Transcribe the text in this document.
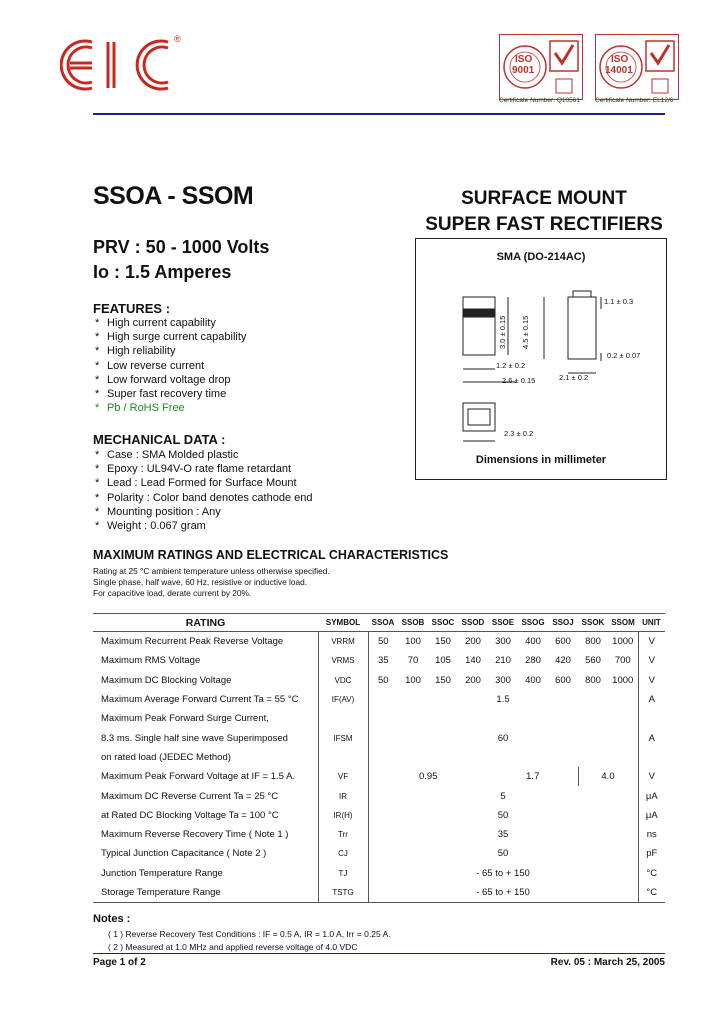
®
ISO
9001
Certificate Number: Q10561
ISO
14001
Certificate Number: EL12/6
SSOA - SSOM	SURFACE MOUNT
SUPER FAST RECTIFIERS
PRV : 50 - 1000 Volts
Io : 1.5 Amperes
SMA (DO-214AC)
1.1 ± 0.3
4.5 ± 0.15
3.0 ± 0.15
1.2 ± 0.2
2.6 ± 0.15	2.1 ± 0.2
0.2 ± 0.07
2.3 ± 0.2
Dimensions in millimeter
FEATURES :
* High current capability
* High surge current capability
* High reliability
* Low reverse current
* Low forward voltage drop
* Super fast recovery time
* Pb / RoHS Free
MECHANICAL DATA :
* Case : SMA Molded plastic
* Epoxy : UL94V-O rate flame retardant
* Lead : Lead Formed for Surface Mount
* Polarity : Color band denotes cathode end
* Mounting position : Any
* Weight : 0.067 gram
MAXIMUM RATINGS AND ELECTRICAL CHARACTERISTICS
Rating at 25 °C ambient temperature unless otherwise specified.
Single phase, half wave, 60 Hz, resistive or inductive load.
For capacitive load, derate current by 20%.
RATING	SYMBOL	SSOA	SSOB	SSOC	SSOD	SSOE	SSOG	SSOJ	SSOK	SSOM	UNIT
Maximum Recurrent Peak Reverse Voltage	VRRM	50	100	150	200	300	400	600	800	1000	V
Maximum RMS Voltage	VRMS	35	70	105	140	210	280	420	560	700	V
Maximum DC Blocking Voltage	VDC	50	100	150	200	300	400	600	800	1000	V
Maximum Average Forward Current Ta = 55 °C	IF(AV)	1.5									A
Maximum Peak Forward Surge Current,											
8.3 ms. Single half sine wave Superimposed	IFSM	60									A
on rated load (JEDEC Method)											
Maximum Peak Forward Voltage at IF = 1.5 A.	VF	0.95				1.7			4.0		V
Maximum DC Reverse Current Ta = 25 °C	IR	5									μA
at Rated DC Blocking Voltage Ta = 100 °C	IR(H)	50									μA
Maximum Reverse Recovery Time ( Note 1 )	Trr	35									ns
Typical Junction Capacitance ( Note 2 )	CJ	50									pF
Junction Temperature Range	TJ	- 65 to + 150									°C
Storage Temperature Range	TSTG	- 65 to + 150									°C
Notes :
( 1 ) Reverse Recovery Test Conditions : IF = 0.5 A, IR = 1.0 A, Irr = 0.25 A.
( 2 ) Measured at 1.0 MHz and applied reverse voltage of 4.0 VDC
Page 1 of 2	Rev. 05 : March 25, 2005
